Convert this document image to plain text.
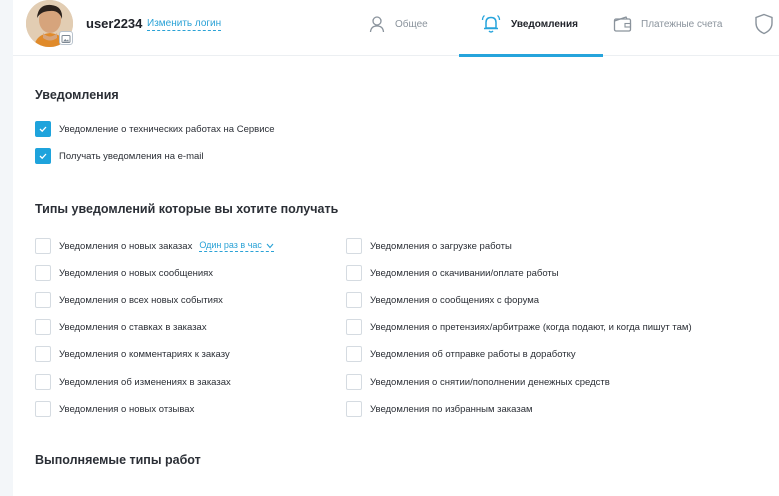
user2234 Изменить логин	Общее	Уведомления	Платежные счета
Уведомления
Уведомление о технических работах на Сервисе
Получать уведомления на e-mail
Типы уведомлений которые вы хотите получать
Уведомления о новых заказах Один раз в час
Уведомления о новых сообщениях
Уведомления о всех новых событиях
Уведомления о ставках в заказах
Уведомления о комментариях к заказу
Уведомления об изменениях в заказах
Уведомления о новых отзывах
Уведомления о загрузке работы
Уведомления о скачивании/оплате работы
Уведомления о сообщениях с форума
Уведомления о претензиях/арбитраже (когда подают, и когда пишут там)
Уведомления об отправке работы в доработку
Уведомления о снятии/пополнении денежных средств
Уведомления по избранным заказам
Выполняемые типы работ
